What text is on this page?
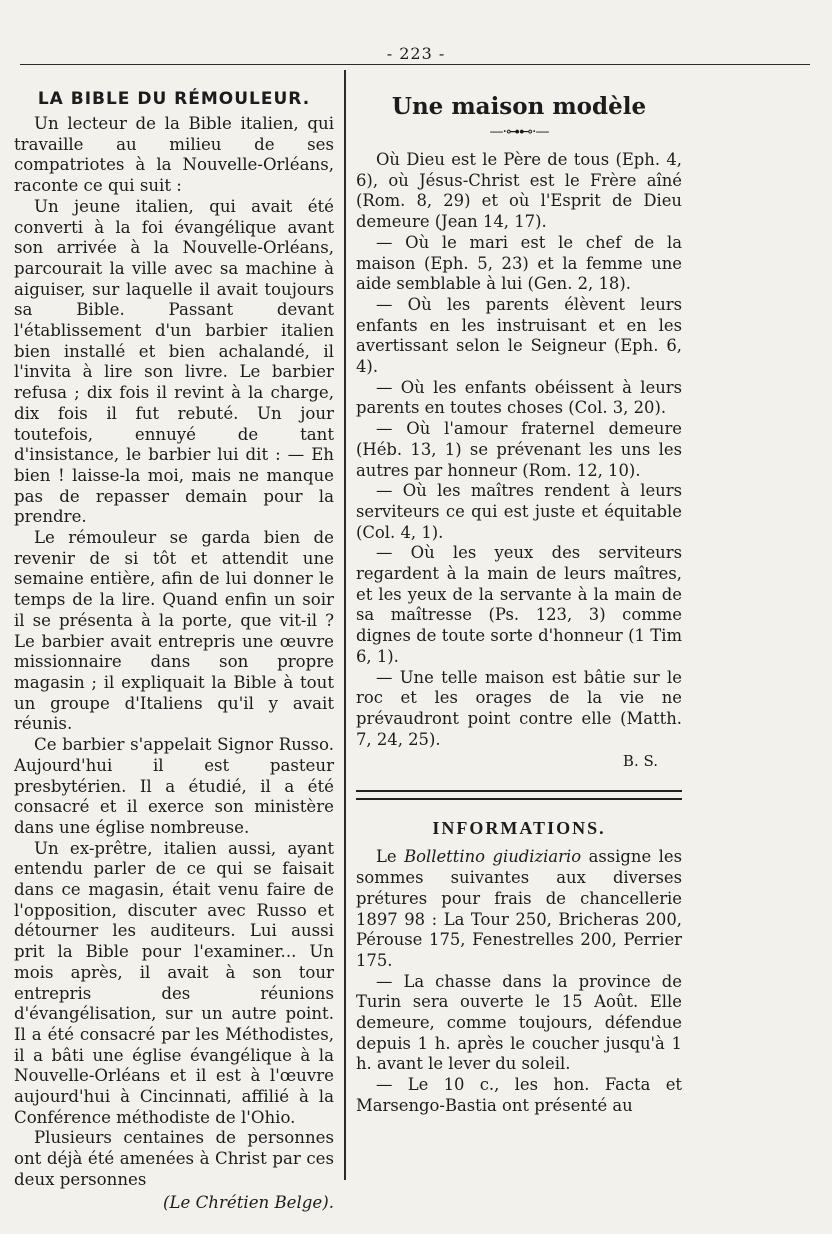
- 223 -
LA BIBLE DU RÉMOULEUR.

Un lecteur de la Bible italien, qui travaille au milieu de ses compatriotes à la Nouvelle-Orléans, raconte ce qui suit :

Un jeune italien, qui avait été converti à la foi évangélique avant son arrivée à la Nouvelle-Orléans, parcourait la ville avec sa machine à aiguiser, sur laquelle il avait toujours sa Bible. Passant devant l'établissement d'un barbier italien bien installé et bien achalandé, il l'invita à lire son livre. Le barbier refusa ; dix fois il revint à la charge, dix fois il fut rebuté. Un jour toutefois, ennuyé de tant d'insistance, le barbier lui dit : — Eh bien ! laisse-la moi, mais ne manque pas de repasser demain pour la prendre.

Le rémouleur se garda bien de revenir de si tôt et attendit une semaine entière, afin de lui donner le temps de la lire. Quand enfin un soir il se présenta à la porte, que vit-il ? Le barbier avait entrepris une œuvre missionnaire dans son propre magasin ; il expliquait la Bible à tout un groupe d'Italiens qu'il y avait réunis.

Ce barbier s'appelait Signor Russo. Aujourd'hui il est pasteur presbytérien. Il a étudié, il a été consacré et il exerce son ministère dans une église nombreuse.

Un ex-prêtre, italien aussi, ayant entendu parler de ce qui se faisait dans ce magasin, était venu faire de l'opposition, discuter avec Russo et détourner les auditeurs. Lui aussi prit la Bible pour l'examiner... Un mois après, il avait à son tour entrepris des réunions d'évangélisation, sur un autre point. Il a été consacré par les Méthodistes, il a bâti une église évangélique à la Nouvelle-Orléans et il est à l'œuvre aujourd'hui à Cincinnati, affilié à la Conférence méthodiste de l'Ohio.

Plusieurs centaines de personnes ont déjà été amenées à Christ par ces deux personnes

(Le Chrétien Belge).

Une maison modèle
—·⊶⊷·—

Où Dieu est le Père de tous (Eph. 4, 6), où Jésus-Christ est le Frère aîné (Rom. 8, 29) et où l'Esprit de Dieu demeure (Jean 14, 17).

— Où le mari est le chef de la maison (Eph. 5, 23) et la femme une aide semblable à lui (Gen. 2, 18).

— Où les parents élèvent leurs enfants en les instruisant et en les avertissant selon le Seigneur (Eph. 6, 4).

— Où les enfants obéissent à leurs parents en toutes choses (Col. 3, 20).

— Où l'amour fraternel demeure (Héb. 13, 1) se prévenant les uns les autres par honneur (Rom. 12, 10).

— Où les maîtres rendent à leurs serviteurs ce qui est juste et équitable (Col. 4, 1).

— Où les yeux des serviteurs regardent à la main de leurs maîtres, et les yeux de la servante à la main de sa maîtresse (Ps. 123, 3) comme dignes de toute sorte d'honneur (1 Tim 6, 1).

— Une telle maison est bâtie sur le roc et les orages de la vie ne prévaudront point contre elle (Matth. 7, 24, 25).

B. S.

INFORMATIONS.

Le Bollettino giudiziario assigne les sommes suivantes aux diverses prétures pour frais de chancellerie 1897 98 : La Tour 250, Bricheras 200, Pérouse 175, Fenestrelles 200, Perrier 175.

— La chasse dans la province de Turin sera ouverte le 15 Août. Elle demeure, comme toujours, défendue depuis 1 h. après le coucher jusqu'à 1 h. avant le lever du soleil.

— Le 10 c., les hon. Facta et Marsengo-Bastia ont présenté au
